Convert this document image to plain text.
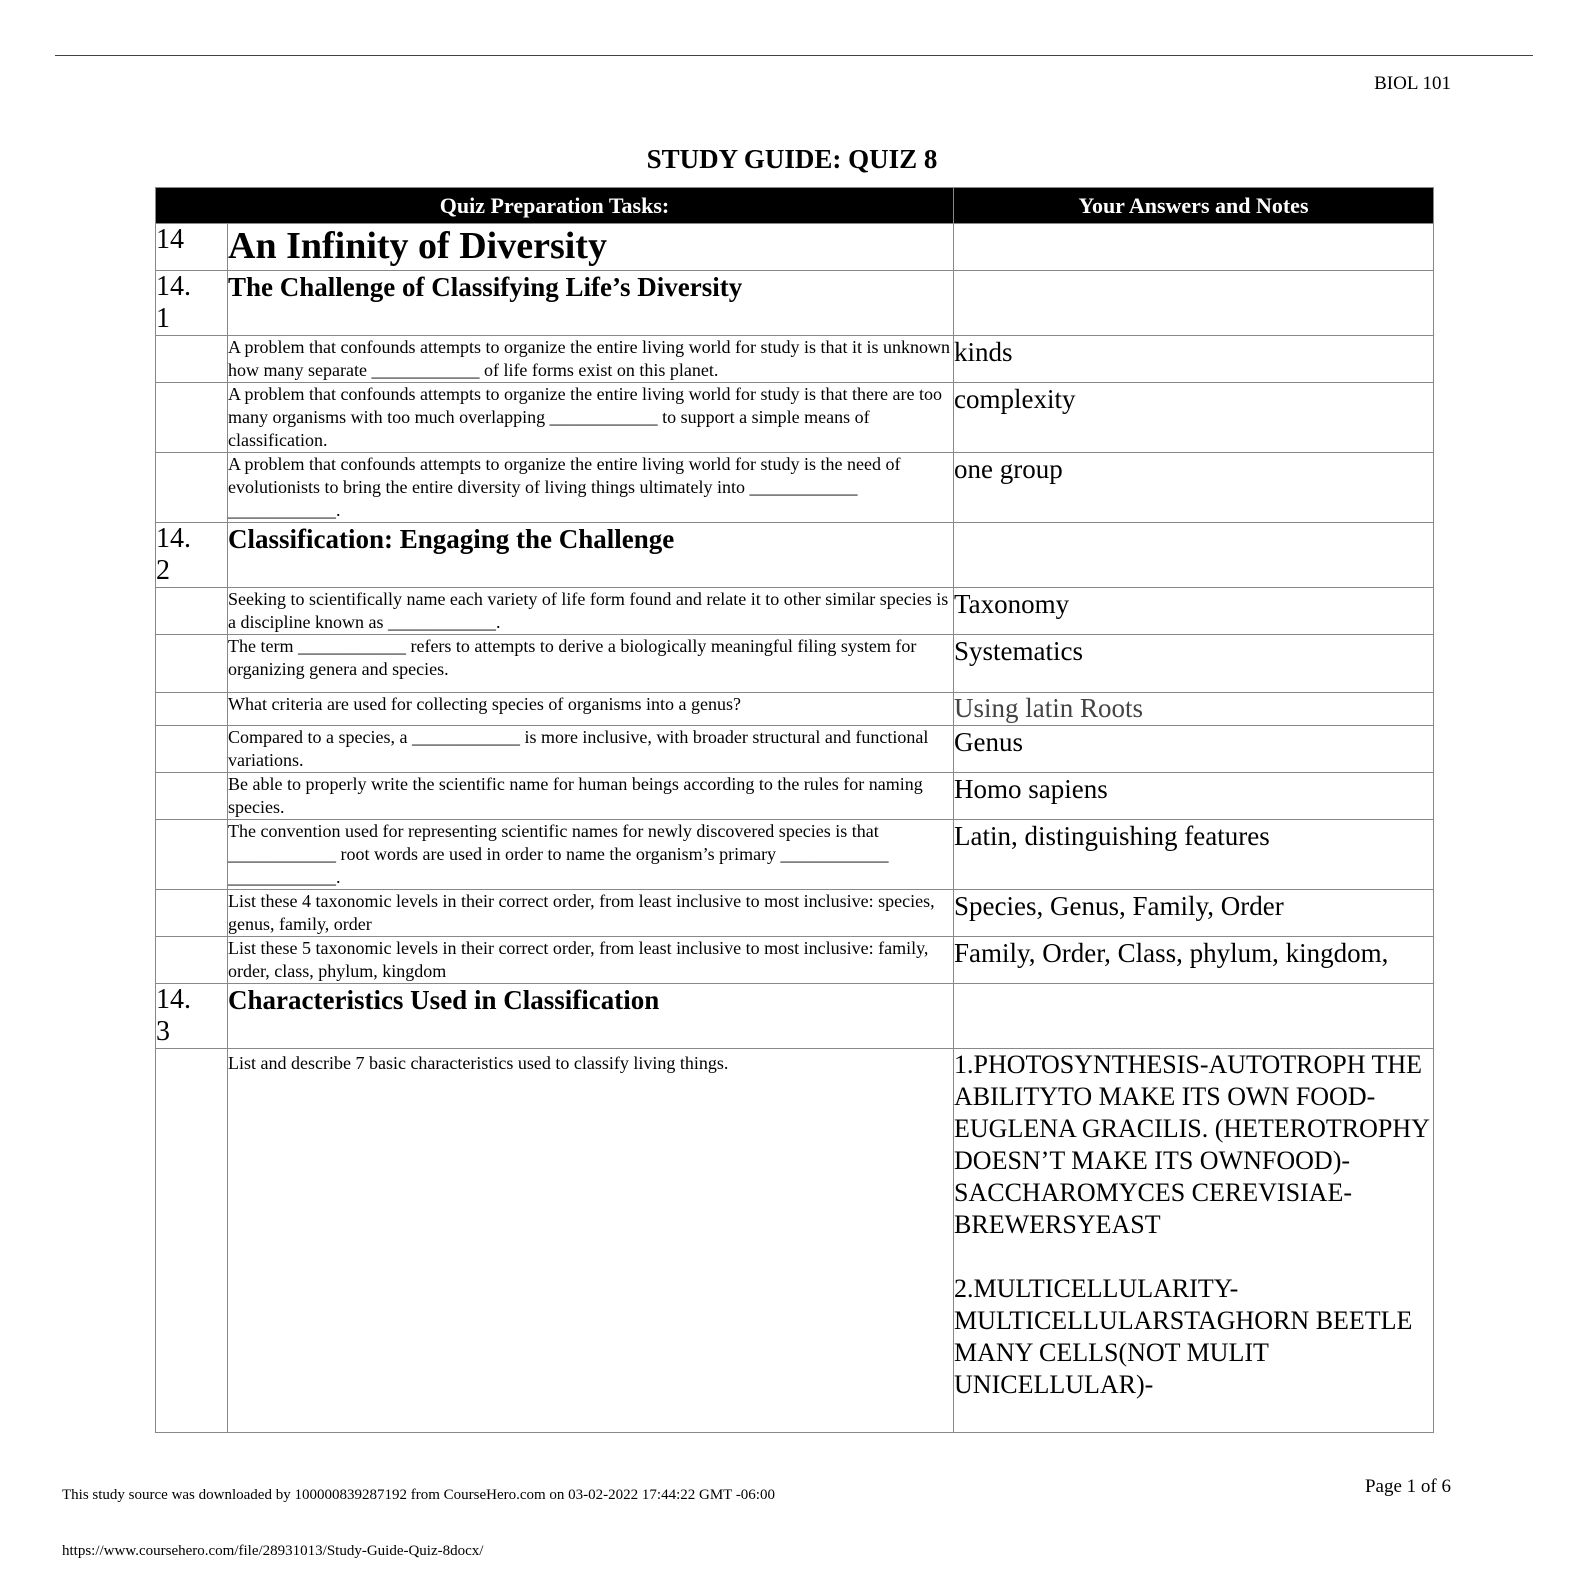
BIOL 101
STUDY GUIDE: QUIZ 8
Quiz Preparation Tasks:		Your Answers and Notes
14	An Infinity of Diversity	
14.
1	The Challenge of Classifying Life’s Diversity	
	A problem that confounds attempts to organize the entire living world for study is that it is unknown how many separate ____________ of life forms exist on this planet.	kinds
	A problem that confounds attempts to organize the entire living world for study is that there are too many organisms with too much overlapping ____________ to support a simple means of classification.	complexity
	A problem that confounds attempts to organize the entire living world for study is the need of evolutionists to bring the entire diversity of living things ultimately into ____________ ____________.	one group
14.
2	Classification: Engaging the Challenge	
	Seeking to scientifically name each variety of life form found and relate it to other similar species is a discipline known as ____________.	Taxonomy
	The term ____________ refers to attempts to derive a biologically meaningful filing system for organizing genera and species.	Systematics
	What criteria are used for collecting species of organisms into a genus?	Using latin Roots
	Compared to a species, a ____________ is more inclusive, with broader structural and functional variations.	Genus
	Be able to properly write the scientific name for human beings according to the rules for naming species.	Homo sapiens
	The convention used for representing scientific names for newly discovered species is that ____________ root words are used in order to name the organism’s primary ____________ ____________.	Latin, distinguishing features
	List these 4 taxonomic levels in their correct order, from least inclusive to most inclusive: species, genus, family, order	Species, Genus, Family, Order
	List these 5 taxonomic levels in their correct order, from least inclusive to most inclusive: family, order, class, phylum, kingdom	Family, Order, Class, phylum, kingdom,
14.
3	Characteristics Used in Classification	
	List and describe 7 basic characteristics used to classify living things.	1.PHOTOSYNTHESIS-AUTOTROPH THE ABILITYTO MAKE ITS OWN FOOD-EUGLENA GRACILIS. (HETEROTROPHY DOESN’T MAKE ITS OWNFOOD)-SACCHAROMYCES CEREVISIAE-BREWERSYEAST

2.MULTICELLULARITY-MULTICELLULARSTAGHORN BEETLE MANY CELLS(NOT MULIT UNICELLULAR)-
This study source was downloaded by 100000839287192 from CourseHero.com on 03-02-2022 17:44:22 GMT -06:00	Page 1 of 6
https://www.coursehero.com/file/28931013/Study-Guide-Quiz-8docx/
